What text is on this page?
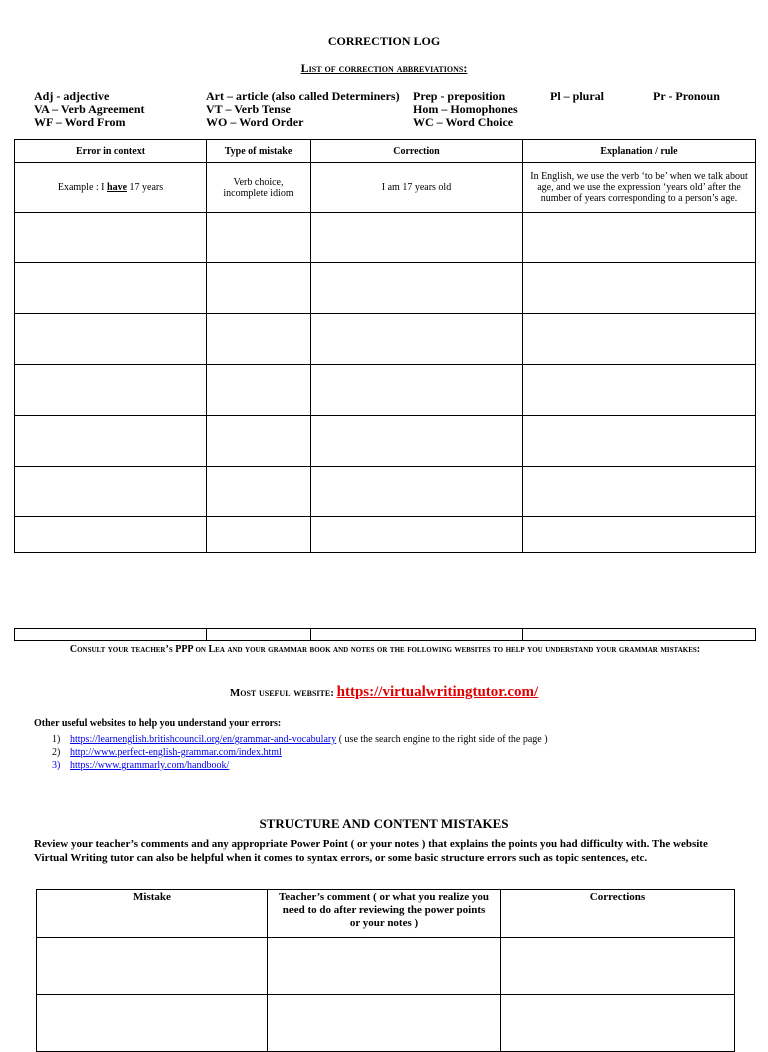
CORRECTION LOG
List of correction abbreviations:
Adj - adjective
VA – Verb Agreement
WF – Word From
Art – article (also called Determiners)
VT – Verb Tense
WO – Word Order
Prep - preposition
Hom – Homophones
WC – Word Choice
Pl – plural	Pr - Pronoun
Error in context	Type of mistake	Correction	Explanation / rule
Example : I have 17 years	Verb choice, incomplete idiom	I am 17 years old	In English, we use the verb ‘to be’ when we talk about age, and we use the expression ‘years old’ after the number of years corresponding to a person’s age.

Consult your teacher’s PPP on Lea and your grammar book and notes or the following websites to help you understand your grammar mistakes:
Most useful website: https://virtualwritingtutor.com/
Other useful websites to help you understand your errors:
1) https://learnenglish.britishcouncil.org/en/grammar-and-vocabulary ( use the search engine to the right side of the page )
2) http://www.perfect-english-grammar.com/index.html
3) https://www.grammarly.com/handbook/
STRUCTURE AND CONTENT MISTAKES
Review your teacher’s comments and any appropriate Power Point ( or your notes ) that explains the points you had difficulty with. The website Virtual Writing tutor can also be helpful when it comes to syntax errors, or some basic structure errors such as topic sentences, etc.
Mistake	Teacher’s comment ( or what you realize you need to do after reviewing the power points or your notes )	Corrections
